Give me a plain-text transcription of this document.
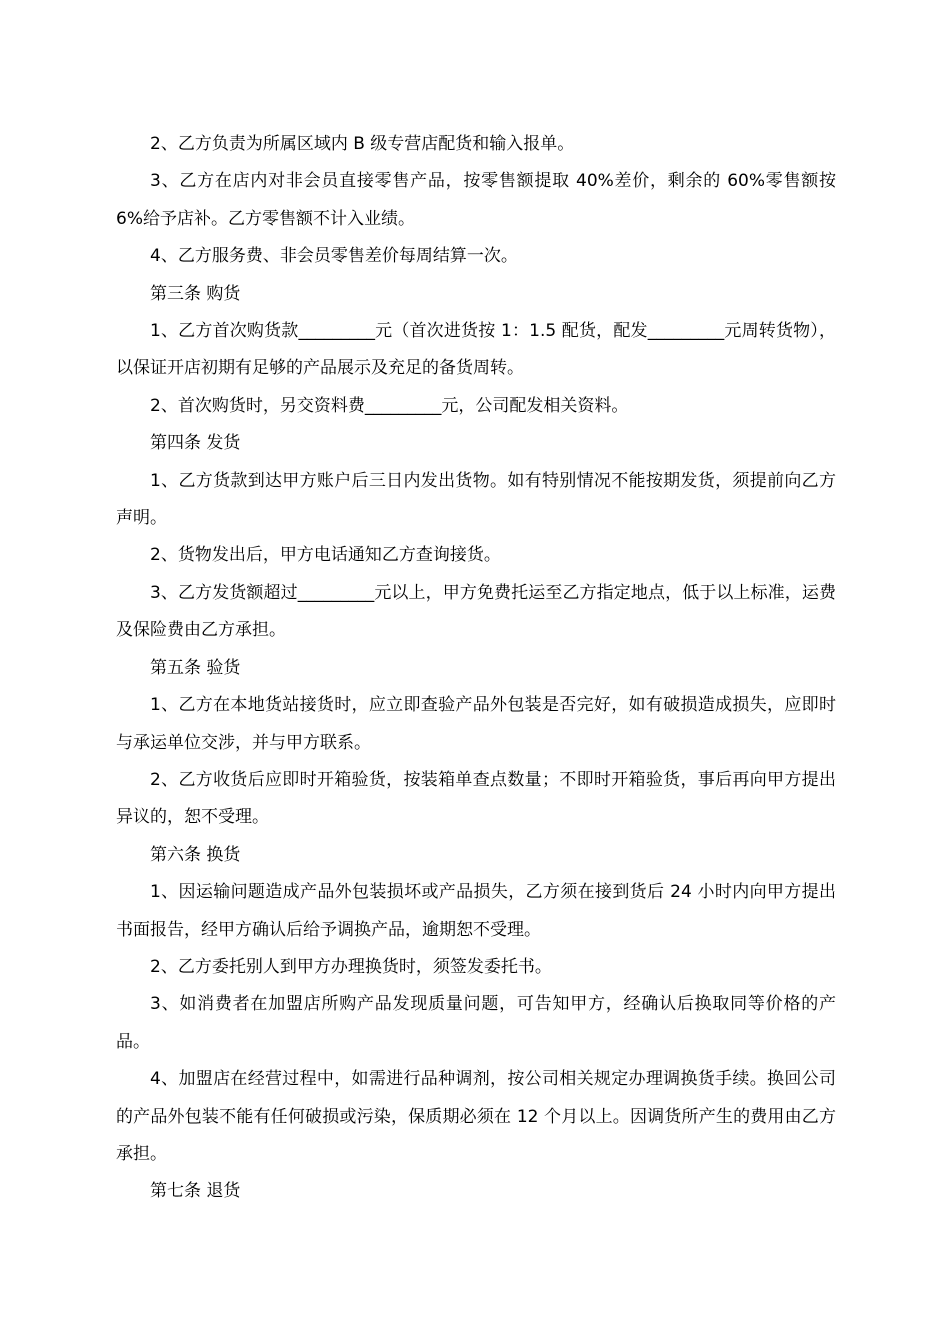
2、乙方负责为所属区域内 B 级专营店配货和输入报单。

3、乙方在店内对非会员直接零售产品，按零售额提取 40%差价，剩余的 60%零售额按 6%给予店补。乙方零售额不计入业绩。

4、乙方服务费、非会员零售差价每周结算一次。

第三条 购货

1、乙方首次购货款_________元（首次进货按 1：1.5 配货，配发_________元周转货物），以保证开店初期有足够的产品展示及充足的备货周转。

2、首次购货时，另交资料费_________元，公司配发相关资料。

第四条 发货

1、乙方货款到达甲方账户后三日内发出货物。如有特别情况不能按期发货，须提前向乙方声明。

2、货物发出后，甲方电话通知乙方查询接货。

3、乙方发货额超过_________元以上，甲方免费托运至乙方指定地点，低于以上标准，运费及保险费由乙方承担。

第五条 验货

1、乙方在本地货站接货时，应立即查验产品外包装是否完好，如有破损造成损失，应即时与承运单位交涉，并与甲方联系。

2、乙方收货后应即时开箱验货，按装箱单查点数量；不即时开箱验货，事后再向甲方提出异议的，恕不受理。

第六条 换货

1、因运输问题造成产品外包装损坏或产品损失，乙方须在接到货后 24 小时内向甲方提出书面报告，经甲方确认后给予调换产品，逾期恕不受理。

2、乙方委托别人到甲方办理换货时，须签发委托书。

3、如消费者在加盟店所购产品发现质量问题，可告知甲方，经确认后换取同等价格的产品。

4、加盟店在经营过程中，如需进行品种调剂，按公司相关规定办理调换货手续。换回公司的产品外包装不能有任何破损或污染，保质期必须在 12 个月以上。因调货所产生的费用由乙方承担。

第七条 退货
